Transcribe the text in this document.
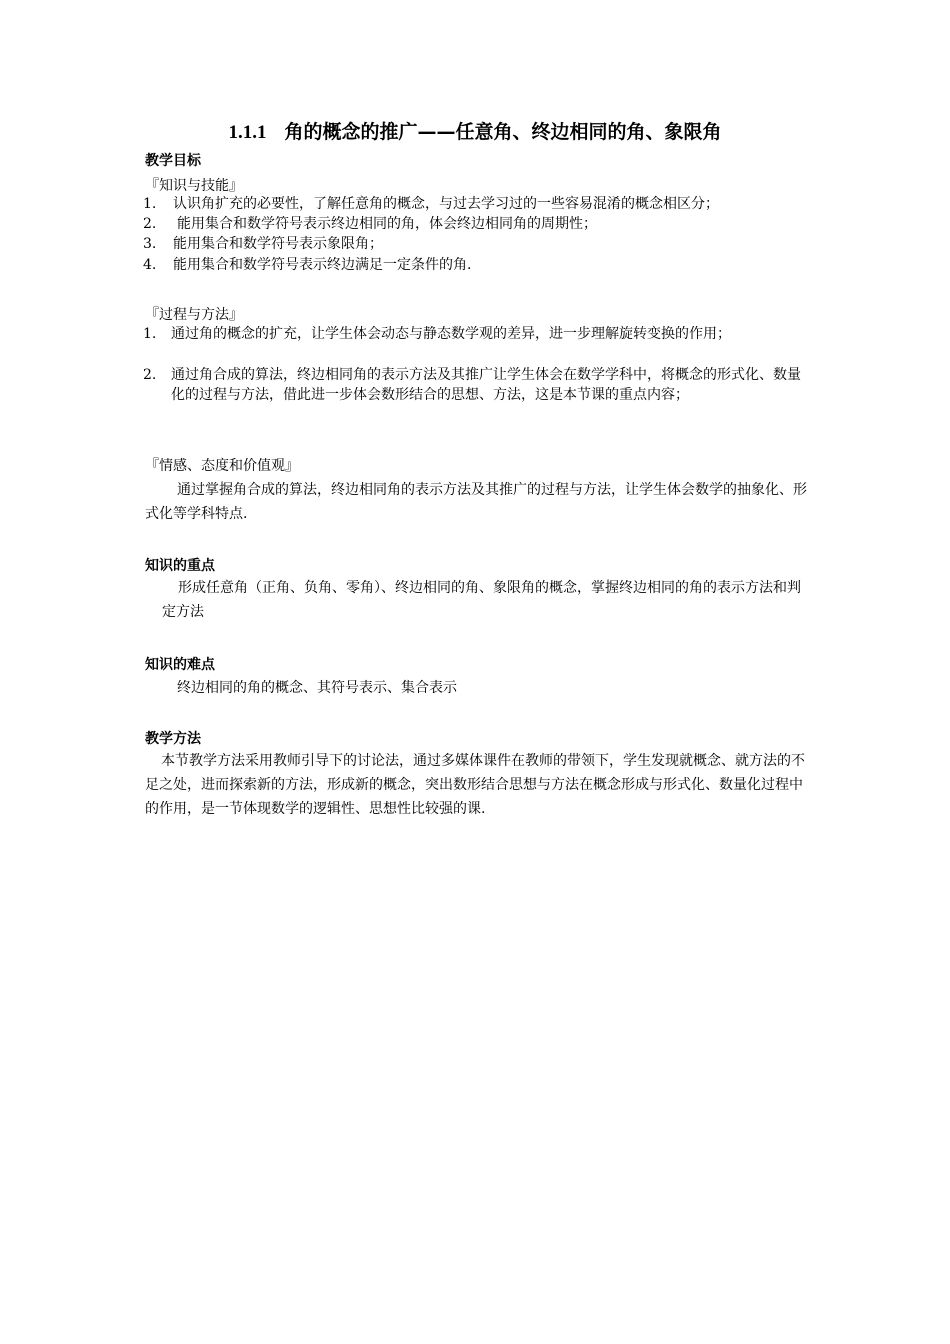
1.1.1 角的概念的推广——任意角、终边相同的角、象限角
教学目标
『知识与技能』
1. 认识角扩充的必要性，了解任意角的概念，与过去学习过的一些容易混淆的概念相区分；
2. 能用集合和数学符号表示终边相同的角，体会终边相同角的周期性；
3. 能用集合和数学符号表示象限角；
4. 能用集合和数学符号表示终边满足一定条件的角.
『过程与方法』
1. 通过角的概念的扩充，让学生体会动态与静态数学观的差异，进一步理解旋转变换的作用；
2. 通过角合成的算法，终边相同角的表示方法及其推广让学生体会在数学学科中，将概念的形式化、数量化的过程与方法，借此进一步体会数形结合的思想、方法，这是本节课的重点内容；
『情感、态度和价值观』
通过掌握角合成的算法，终边相同角的表示方法及其推广的过程与方法，让学生体会数学的抽象化、形式化等学科特点.
知识的重点
形成任意角（正角、负角、零角）、终边相同的角、象限角的概念，掌握终边相同的角的表示方法和判定方法
知识的难点
终边相同的角的概念、其符号表示、集合表示
教学方法
本节教学方法采用教师引导下的讨论法，通过多媒体课件在教师的带领下，学生发现就概念、就方法的不足之处，进而探索新的方法，形成新的概念，突出数形结合思想与方法在概念形成与形式化、数量化过程中的作用，是一节体现数学的逻辑性、思想性比较强的课.
